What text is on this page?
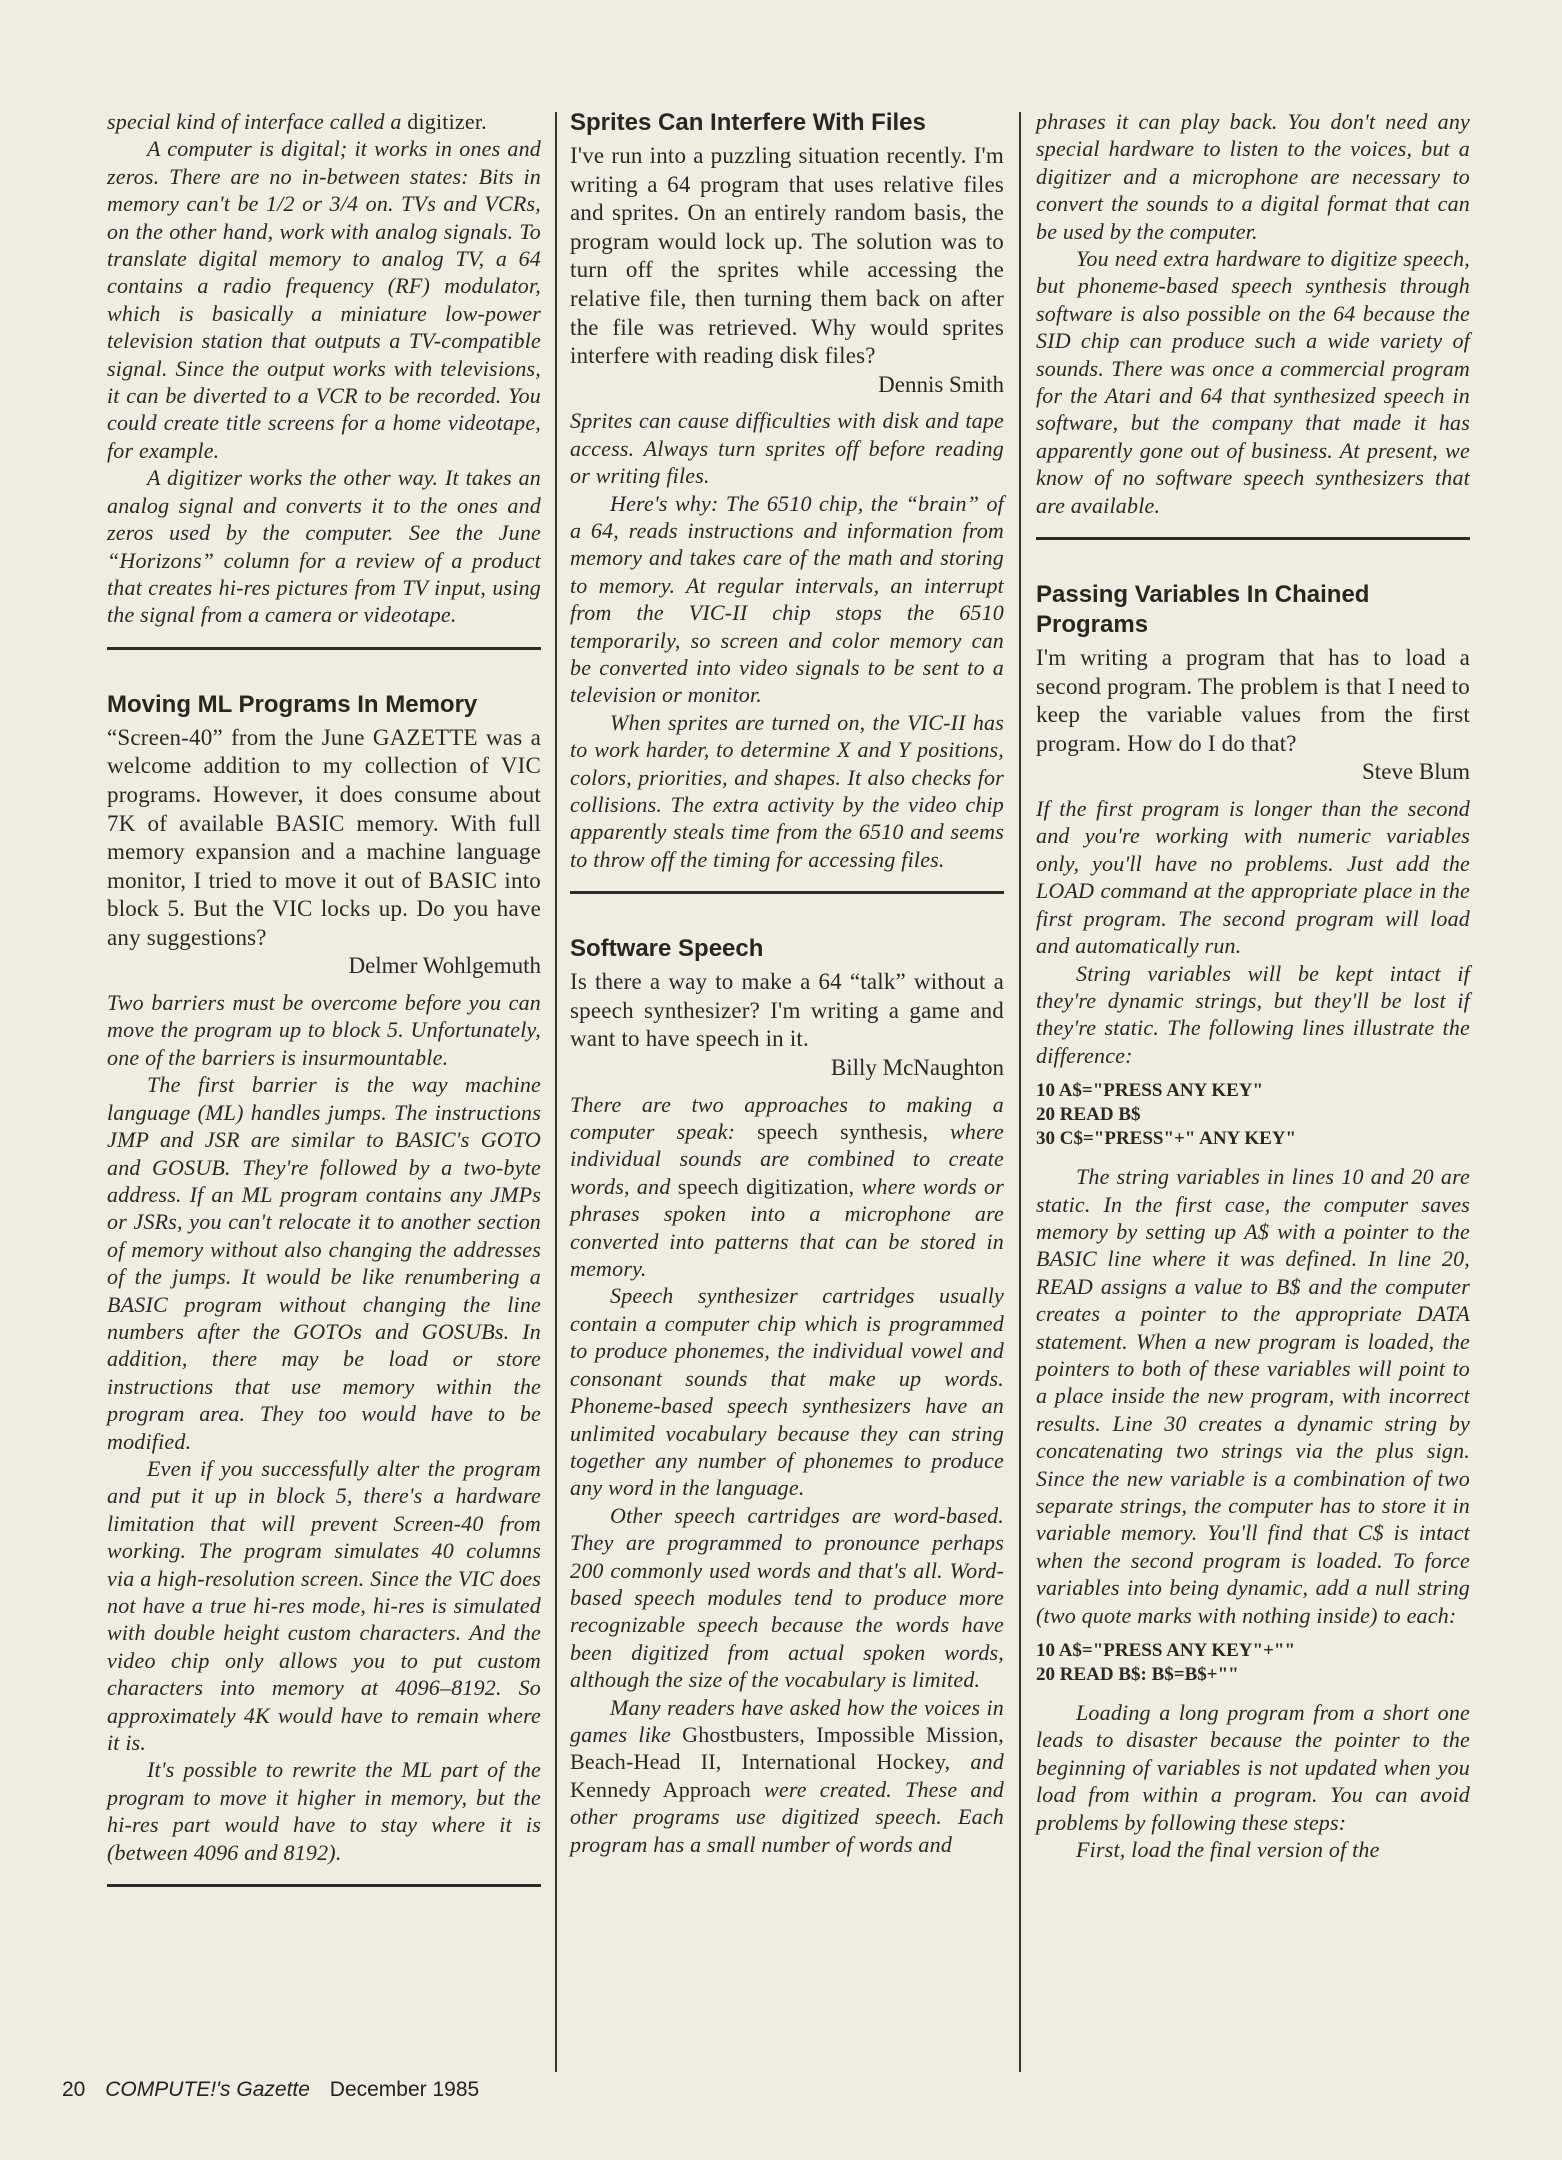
special kind of interface called a digitizer.

A computer is digital; it works in ones and zeros. There are no in-between states: Bits in memory can't be 1/2 or 3/4 on. TVs and VCRs, on the other hand, work with analog signals. To translate digital memory to analog TV, a 64 contains a radio frequency (RF) modulator, which is basically a miniature low-power television station that outputs a TV-compatible signal. Since the output works with televisions, it can be diverted to a VCR to be recorded. You could create title screens for a home videotape, for example.

A digitizer works the other way. It takes an analog signal and converts it to the ones and zeros used by the computer. See the June “Horizons” column for a review of a product that creates hi-res pictures from TV input, using the signal from a camera or videotape.

Moving ML Programs In Memory

“Screen-40” from the June GAZETTE was a welcome addition to my collection of VIC programs. However, it does consume about 7K of available BASIC memory. With full memory expansion and a machine language monitor, I tried to move it out of BASIC into block 5. But the VIC locks up. Do you have any suggestions?

Delmer Wohlgemuth

Two barriers must be overcome before you can move the program up to block 5. Unfortunately, one of the barriers is insurmountable.

The first barrier is the way machine language (ML) handles jumps. The instructions JMP and JSR are similar to BASIC's GOTO and GOSUB. They're followed by a two-byte address. If an ML program contains any JMPs or JSRs, you can't relocate it to another section of memory without also changing the addresses of the jumps. It would be like renumbering a BASIC program without changing the line numbers after the GOTOs and GOSUBs. In addition, there may be load or store instructions that use memory within the program area. They too would have to be modified.

Even if you successfully alter the program and put it up in block 5, there's a hardware limitation that will prevent Screen-40 from working. The program simulates 40 columns via a high-resolution screen. Since the VIC does not have a true hi-res mode, hi-res is simulated with double height custom characters. And the video chip only allows you to put custom characters into memory at 4096–8192. So approximately 4K would have to remain where it is.

It's possible to rewrite the ML part of the program to move it higher in memory, but the hi-res part would have to stay where it is (between 4096 and 8192).

Sprites Can Interfere With Files

I've run into a puzzling situation recently. I'm writing a 64 program that uses relative files and sprites. On an entirely random basis, the program would lock up. The solution was to turn off the sprites while accessing the relative file, then turning them back on after the file was retrieved. Why would sprites interfere with reading disk files?

Dennis Smith

Sprites can cause difficulties with disk and tape access. Always turn sprites off before reading or writing files.

Here's why: The 6510 chip, the “brain” of a 64, reads instructions and information from memory and takes care of the math and storing to memory. At regular intervals, an interrupt from the VIC-II chip stops the 6510 temporarily, so screen and color memory can be converted into video signals to be sent to a television or monitor.

When sprites are turned on, the VIC-II has to work harder, to determine X and Y positions, colors, priorities, and shapes. It also checks for collisions. The extra activity by the video chip apparently steals time from the 6510 and seems to throw off the timing for accessing files.

Software Speech

Is there a way to make a 64 “talk” without a speech synthesizer? I'm writing a game and want to have speech in it.

Billy McNaughton

There are two approaches to making a computer speak: speech synthesis, where individual sounds are combined to create words, and speech digitization, where words or phrases spoken into a microphone are converted into patterns that can be stored in memory.

Speech synthesizer cartridges usually contain a computer chip which is programmed to produce phonemes, the individual vowel and consonant sounds that make up words. Phoneme-based speech synthesizers have an unlimited vocabulary because they can string together any number of phonemes to produce any word in the language.

Other speech cartridges are word-based. They are programmed to pronounce perhaps 200 commonly used words and that's all. Word-based speech modules tend to produce more recognizable speech because the words have been digitized from actual spoken words, although the size of the vocabulary is limited.

Many readers have asked how the voices in games like Ghostbusters, Impossible Mission, Beach-Head II, International Hockey, and Kennedy Approach were created. These and other programs use digitized speech. Each program has a small number of words and

phrases it can play back. You don't need any special hardware to listen to the voices, but a digitizer and a microphone are necessary to convert the sounds to a digital format that can be used by the computer.

You need extra hardware to digitize speech, but phoneme-based speech synthesis through software is also possible on the 64 because the SID chip can produce such a wide variety of sounds. There was once a commercial program for the Atari and 64 that synthesized speech in software, but the company that made it has apparently gone out of business. At present, we know of no software speech synthesizers that are available.

Passing Variables In Chained Programs

I'm writing a program that has to load a second program. The problem is that I need to keep the variable values from the first program. How do I do that?

Steve Blum

If the first program is longer than the second and you're working with numeric variables only, you'll have no problems. Just add the LOAD command at the appropriate place in the first program. The second program will load and automatically run.

String variables will be kept intact if they're dynamic strings, but they'll be lost if they're static. The following lines illustrate the difference:

10 A$="PRESS ANY KEY"
20 READ B$
30 C$="PRESS"+" ANY KEY"

The string variables in lines 10 and 20 are static. In the first case, the computer saves memory by setting up A$ with a pointer to the BASIC line where it was defined. In line 20, READ assigns a value to B$ and the computer creates a pointer to the appropriate DATA statement. When a new program is loaded, the pointers to both of these variables will point to a place inside the new program, with incorrect results. Line 30 creates a dynamic string by concatenating two strings via the plus sign. Since the new variable is a combination of two separate strings, the computer has to store it in variable memory. You'll find that C$ is intact when the second program is loaded. To force variables into being dynamic, add a null string (two quote marks with nothing inside) to each:

10 A$="PRESS ANY KEY"+""
20 READ B$: B$=B$+""

Loading a long program from a short one leads to disaster because the pointer to the beginning of variables is not updated when you load from within a program. You can avoid problems by following these steps:

First, load the final version of the

20 COMPUTE!'s Gazette December 1985
